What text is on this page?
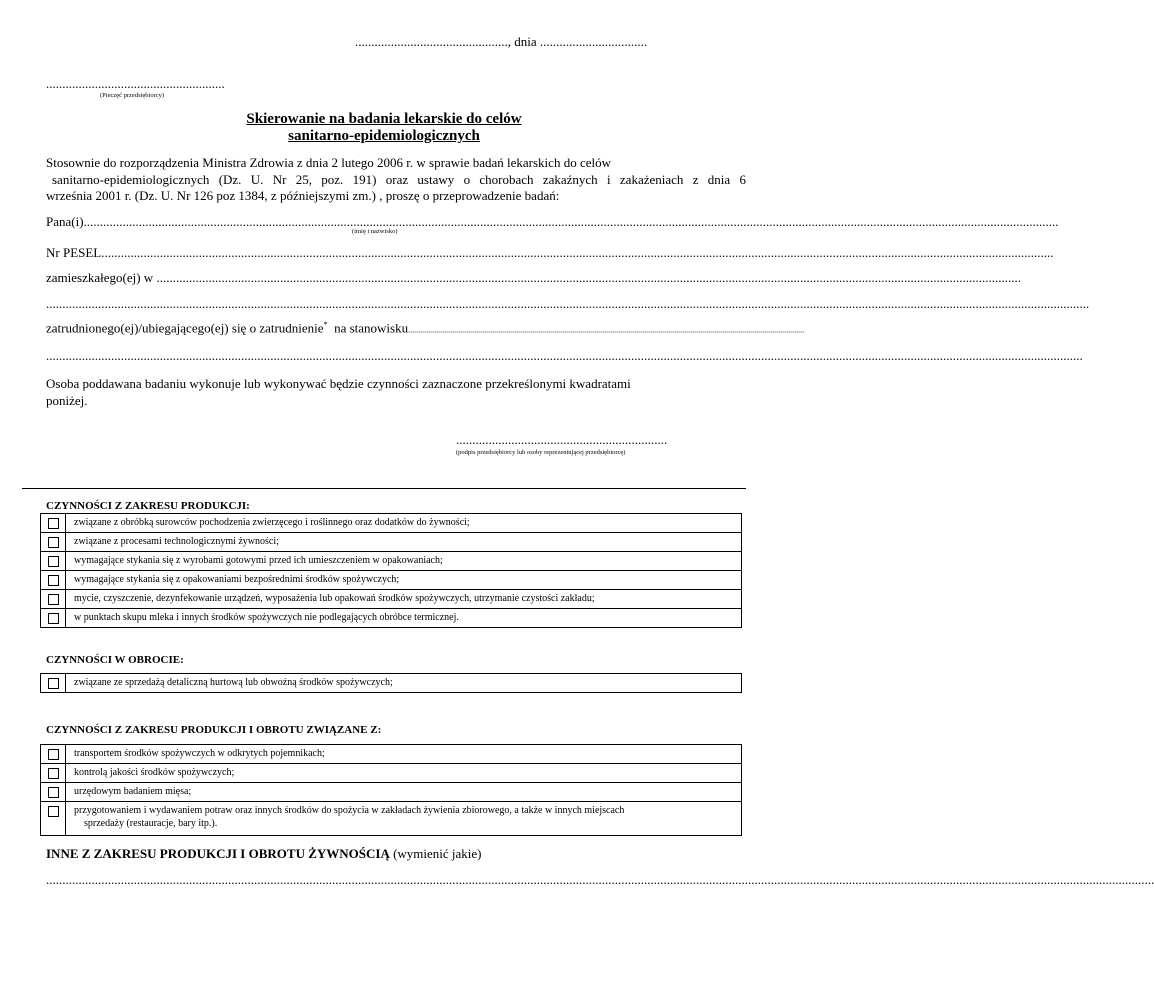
..............................................., dnia .................................
.......................................................
(Pieczęć przedsiębiorcy)
Skierowanie na badania lekarskie do celów
sanitarno-epidemiologicznych
Stosownie do rozporządzenia Ministra Zdrowia z dnia 2 lutego 2006 r. w sprawie badań lekarskich do celów
sanitarno-epidemiologicznych (Dz. U. Nr 25, poz. 191) oraz ustawy o chorobach zakaźnych i zakażeniach z dnia 6
września 2001 r. (Dz. U. Nr 126 poz 1384, z późniejszymi zm.) , proszę o przeprowadzenie badań:
Pana(i)............................................................................................................................................................................................................................................................................................................
(imię i nazwisko)
Nr PESEL.....................................................................................................................................................................................................................................................................................................
zamieszkałego(ej) w ..........................................................................................................................................................................................................................................................................
.................................................................................................................................................................................................................................................................................................................................
zatrudnionego(ej)/ubiegającego(ej) się o zatrudnienie* na stanowisku......................................................................................................................................................................................................
...............................................................................................................................................................................................................................................................................................................................
Osoba poddawana badaniu wykonuje lub wykonywać będzie czynności zaznaczone przekreślonymi kwadratami
poniżej.
.................................................................
(podpis przedsiębiorcy lub osoby reprezentującej przedsiębiorcę)
CZYNNOŚCI Z ZAKRESU PRODUKCJI:
	związane z obróbką surowców pochodzenia zwierzęcego i roślinnego oraz dodatków do żywności;
	związane z procesami technologicznymi żywności;
	wymagające stykania się z wyrobami gotowymi przed ich umieszczeniem w opakowaniach;
	wymagające stykania się z opakowaniami bezpośrednimi środków spożywczych;
	mycie, czyszczenie, dezynfekowanie urządzeń, wyposażenia lub opakowań środków spożywczych, utrzymanie czystości zakładu;
	w punktach skupu mleka i innych środków spożywczych nie podlegających obróbce termicznej.
CZYNNOŚCI W OBROCIE:
	związane ze sprzedażą detaliczną hurtową lub obwoźną środków spożywczych;
CZYNNOŚCI Z ZAKRESU PRODUKCJI I OBROTU ZWIĄZANE Z:
	transportem środków spożywczych w odkrytych pojemnikach;
	kontrolą jakości środków spożywczych;
	urzędowym badaniem mięsa;

	przygotowaniem i wydawaniem potraw oraz innych środków do spożycia w zakładach żywienia zbiorowego, a także w innych miejscach
sprzedaży (restauracje, bary itp.).
INNE Z ZAKRESU PRODUKCJI I OBROTU ŻYWNOŚCIĄ (wymienić jakie)
.....................................................................................................................................................................................................................................................................................................................................................
